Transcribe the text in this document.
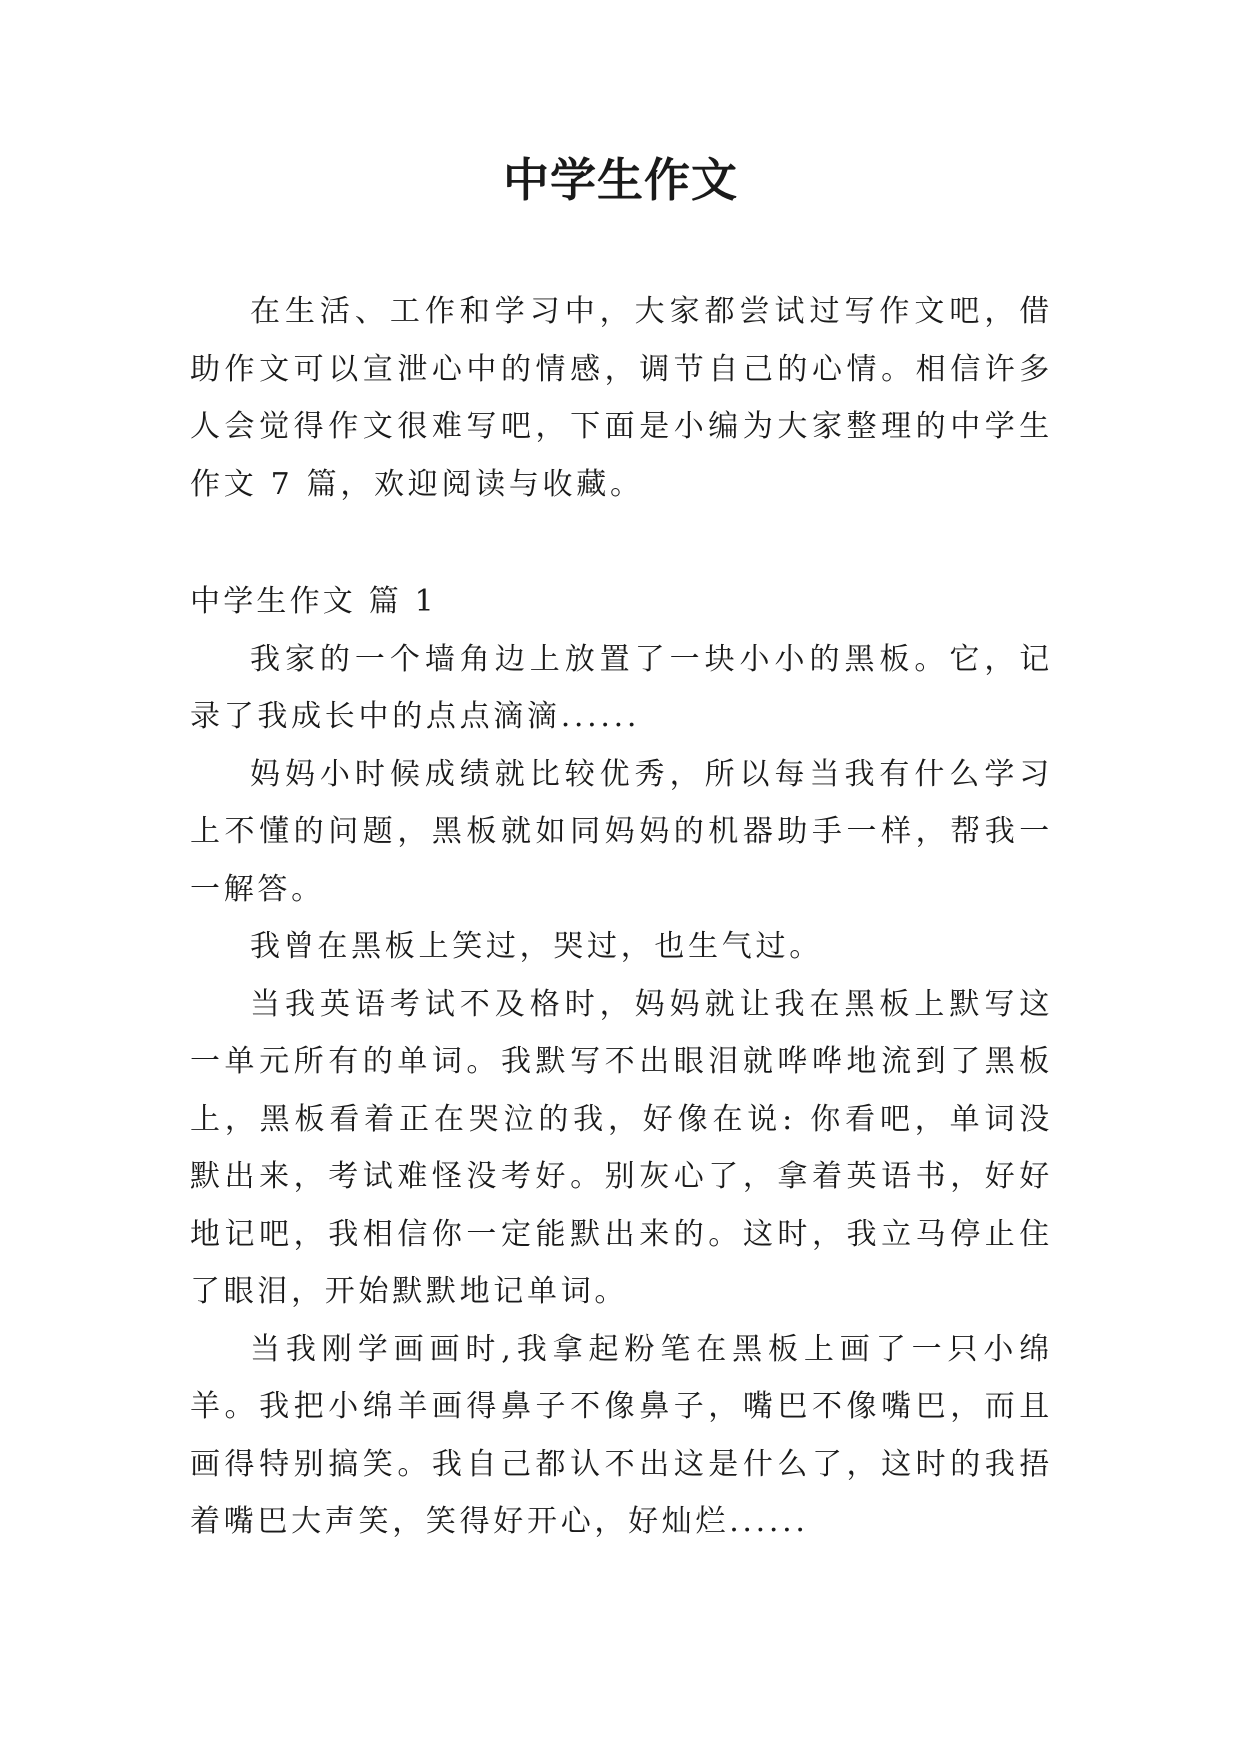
中学生作文

在生活、工作和学习中，大家都尝试过写作文吧，借助作文可以宣泄心中的情感，调节自己的心情。相信许多人会觉得作文很难写吧，下面是小编为大家整理的中学生作文 7 篇，欢迎阅读与收藏。

中学生作文 篇 1

我家的一个墙角边上放置了一块小小的黑板。它，记录了我成长中的点点滴滴......

妈妈小时候成绩就比较优秀，所以每当我有什么学习上不懂的问题，黑板就如同妈妈的机器助手一样，帮我一一解答。

我曾在黑板上笑过，哭过，也生气过。

当我英语考试不及格时，妈妈就让我在黑板上默写这一单元所有的单词。我默写不出眼泪就哗哗地流到了黑板上，黑板看着正在哭泣的我，好像在说: 你看吧，单词没默出来，考试难怪没考好。别灰心了，拿着英语书，好好地记吧，我相信你一定能默出来的。这时，我立马停止住了眼泪，开始默默地记单词。

当我刚学画画时,我拿起粉笔在黑板上画了一只小绵羊。我把小绵羊画得鼻子不像鼻子，嘴巴不像嘴巴，而且画得特别搞笑。我自己都认不出这是什么了，这时的我捂着嘴巴大声笑，笑得好开心，好灿烂......
